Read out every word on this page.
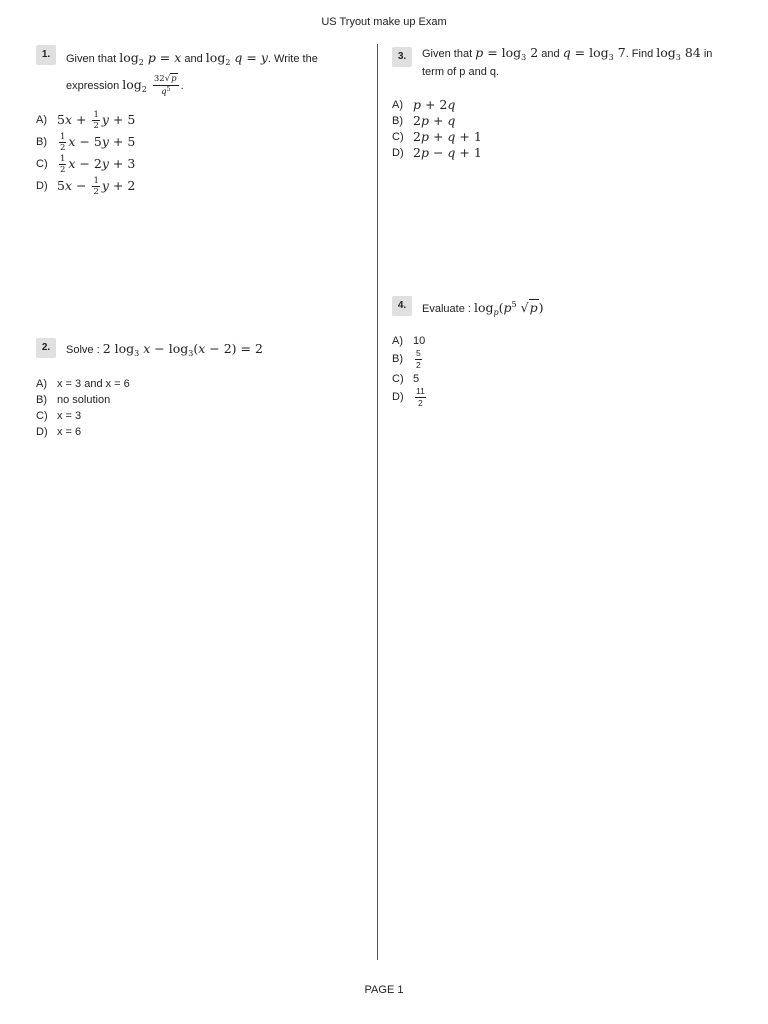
US Tryout make up Exam
1.	Given that $\log_2 p = x$ and $\log_2 q = y$. Write the
expression $\log_2 \frac{32√p}{q^5}$ .
A) $5x + \frac{1}{2}$ y + 5
$B) \frac{1}{2}$ x − 5y + 5
$C) \frac{1}{2}$ x − 2y + 3
D) $5x - \frac{1}{2}$ y + 2
2.	Solve : 2 $\log_3 x - \log_3(x - 2) = 2$
A) x = 3 and x = 6
B) no solution
C) x = 3
D) x = 6
3.	Given that $p = \log_3 2$ and $q = \log_3 7$. Find $\log_3 84$ in
term of p and q.
A) p + 2q
B) 2p + q
C) 2p + q + 1
D) 2p − q + 1
4.	Evaluate : $\log_p(p^5$ √p)
A) 10
$B) \frac{5}{2}$
C) 5
$D) \frac{11}{2}$
PAGE 1
